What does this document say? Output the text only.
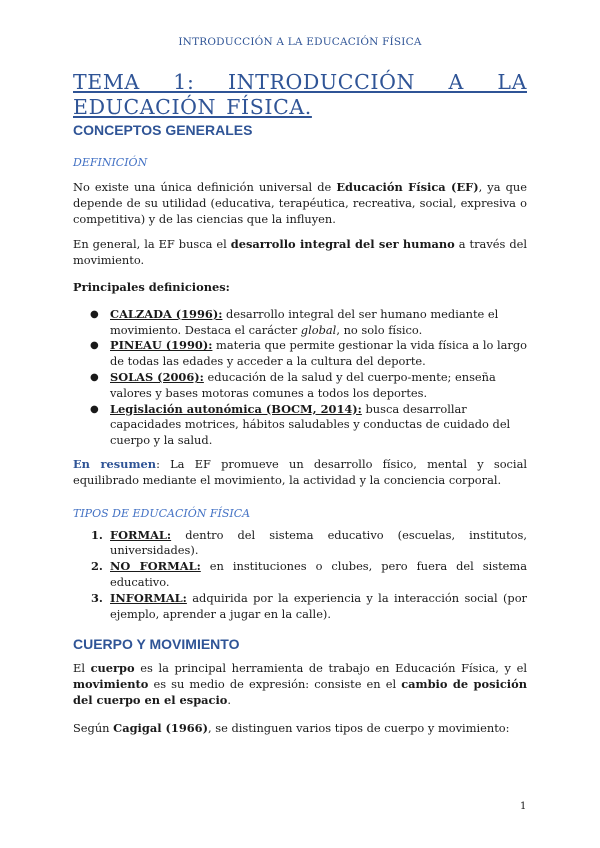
INTRODUCCIÓN A LA EDUCACIÓN FÍSICA
TEMA 1: INTRODUCCIÓN A LA EDUCACIÓN FÍSICA.
CONCEPTOS GENERALES
DEFINICIÓN

No existe una única definición universal de Educación Física (EF), ya que depende de su utilidad (educativa, terapéutica, recreativa, social, expresiva o competitiva) y de las ciencias que la influyen.

En general, la EF busca el desarrollo integral del ser humano a través del movimiento.

Principales definiciones:

● CALZADA (1996): desarrollo integral del ser humano mediante el movimiento. Destaca el carácter global, no solo físico.
● PINEAU (1990): materia que permite gestionar la vida física a lo largo de todas las edades y acceder a la cultura del deporte.
● SOLAS (2006): educación de la salud y del cuerpo-mente; enseña valores y bases motoras comunes a todos los deportes.
● Legislación autonómica (BOCM, 2014): busca desarrollar capacidades motrices, hábitos saludables y conductas de cuidado del cuerpo y la salud.

En resumen: La EF promueve un desarrollo físico, mental y social equilibrado mediante el movimiento, la actividad y la conciencia corporal.

TIPOS DE EDUCACIÓN FÍSICA
1. FORMAL: dentro del sistema educativo (escuelas, institutos, universidades).
2. NO FORMAL: en instituciones o clubes, pero fuera del sistema educativo.
3. INFORMAL: adquirida por la experiencia y la interacción social (por ejemplo, aprender a jugar en la calle).
CUERPO Y MOVIMIENTO

El cuerpo es la principal herramienta de trabajo en Educación Física, y el movimiento es su medio de expresión: consiste en el cambio de posición del cuerpo en el espacio.

Según Cagigal (1966), se distinguen varios tipos de cuerpo y movimiento:

1
